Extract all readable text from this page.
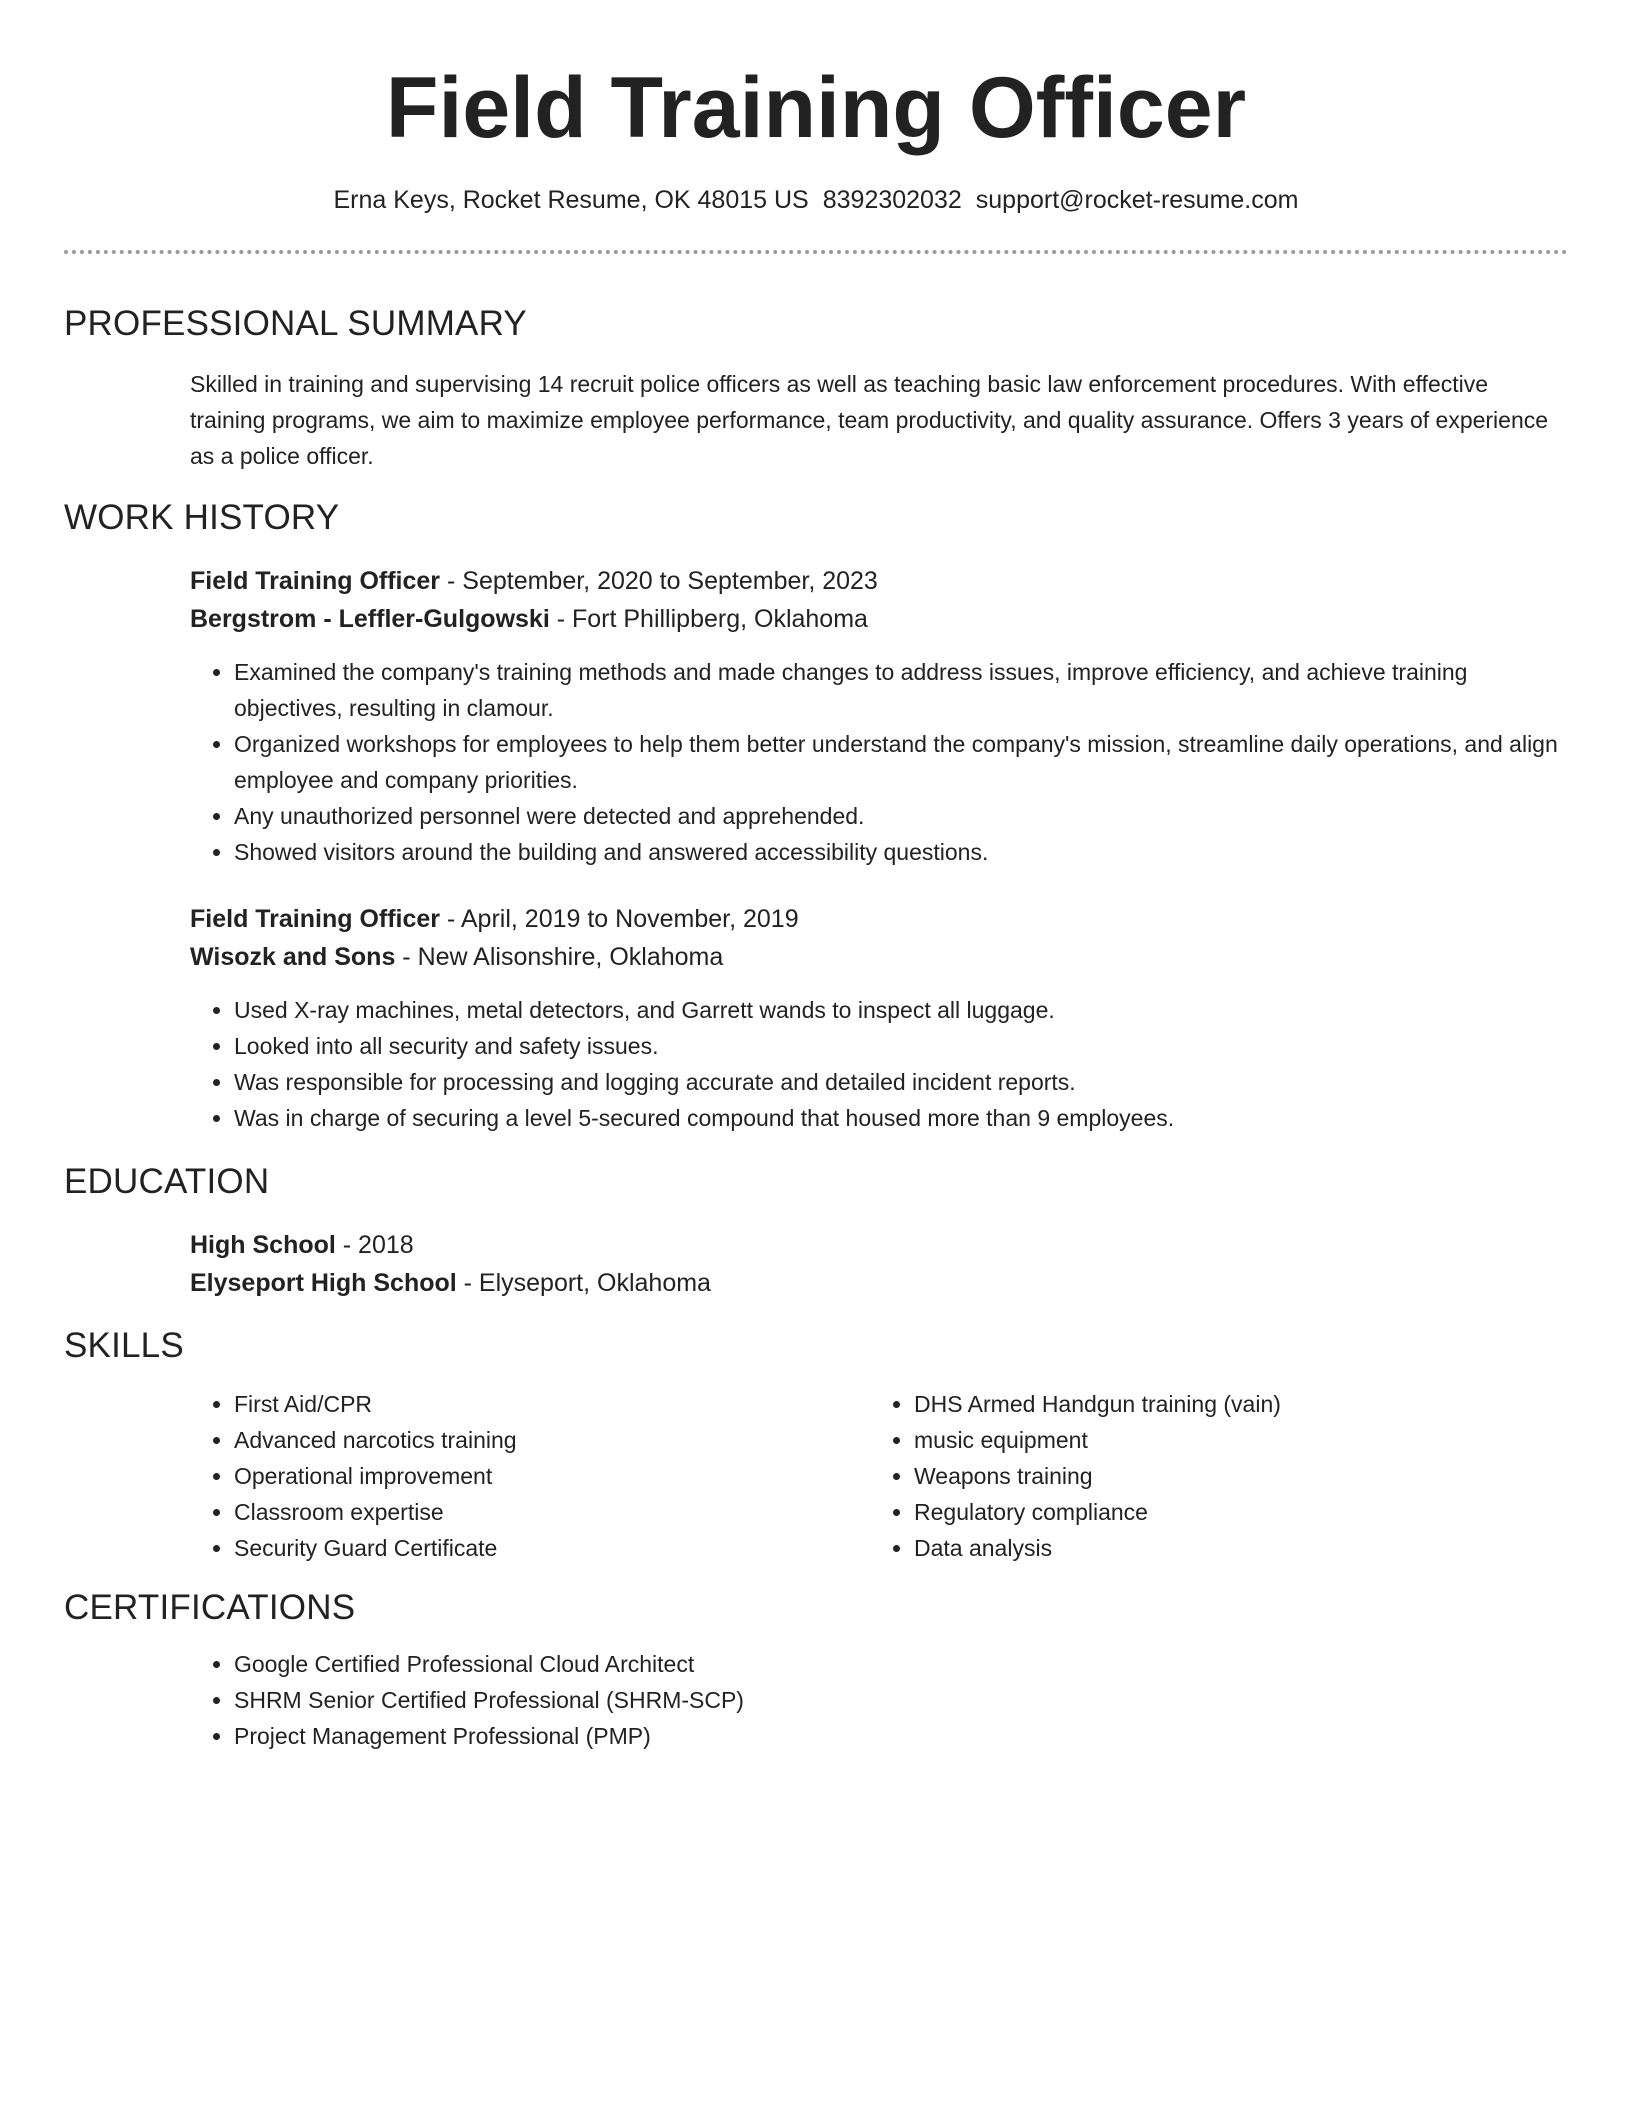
Field Training Officer
Erna Keys, Rocket Resume, OK 48015 US 8392302032 support@rocket-resume.com
PROFESSIONAL SUMMARY
Skilled in training and supervising 14 recruit police officers as well as teaching basic law enforcement procedures. With effective training programs, we aim to maximize employee performance, team productivity, and quality assurance. Offers 3 years of experience as a police officer.
WORK HISTORY
Field Training Officer - September, 2020 to September, 2023
Bergstrom - Leffler-Gulgowski - Fort Phillipberg, Oklahoma
• Examined the company's training methods and made changes to address issues, improve efficiency, and achieve training objectives, resulting in clamour.
• Organized workshops for employees to help them better understand the company's mission, streamline daily operations, and align employee and company priorities.
• Any unauthorized personnel were detected and apprehended.
• Showed visitors around the building and answered accessibility questions.
Field Training Officer - April, 2019 to November, 2019
Wisozk and Sons - New Alisonshire, Oklahoma
• Used X-ray machines, metal detectors, and Garrett wands to inspect all luggage.
• Looked into all security and safety issues.
• Was responsible for processing and logging accurate and detailed incident reports.
• Was in charge of securing a level 5-secured compound that housed more than 9 employees.
EDUCATION
High School - 2018
Elyseport High School - Elyseport, Oklahoma
SKILLS
• First Aid/CPR
• Advanced narcotics training
• Operational improvement
• Classroom expertise
• Security Guard Certificate
• DHS Armed Handgun training (vain)
• music equipment
• Weapons training
• Regulatory compliance
• Data analysis
CERTIFICATIONS
• Google Certified Professional Cloud Architect
• SHRM Senior Certified Professional (SHRM-SCP)
• Project Management Professional (PMP)
